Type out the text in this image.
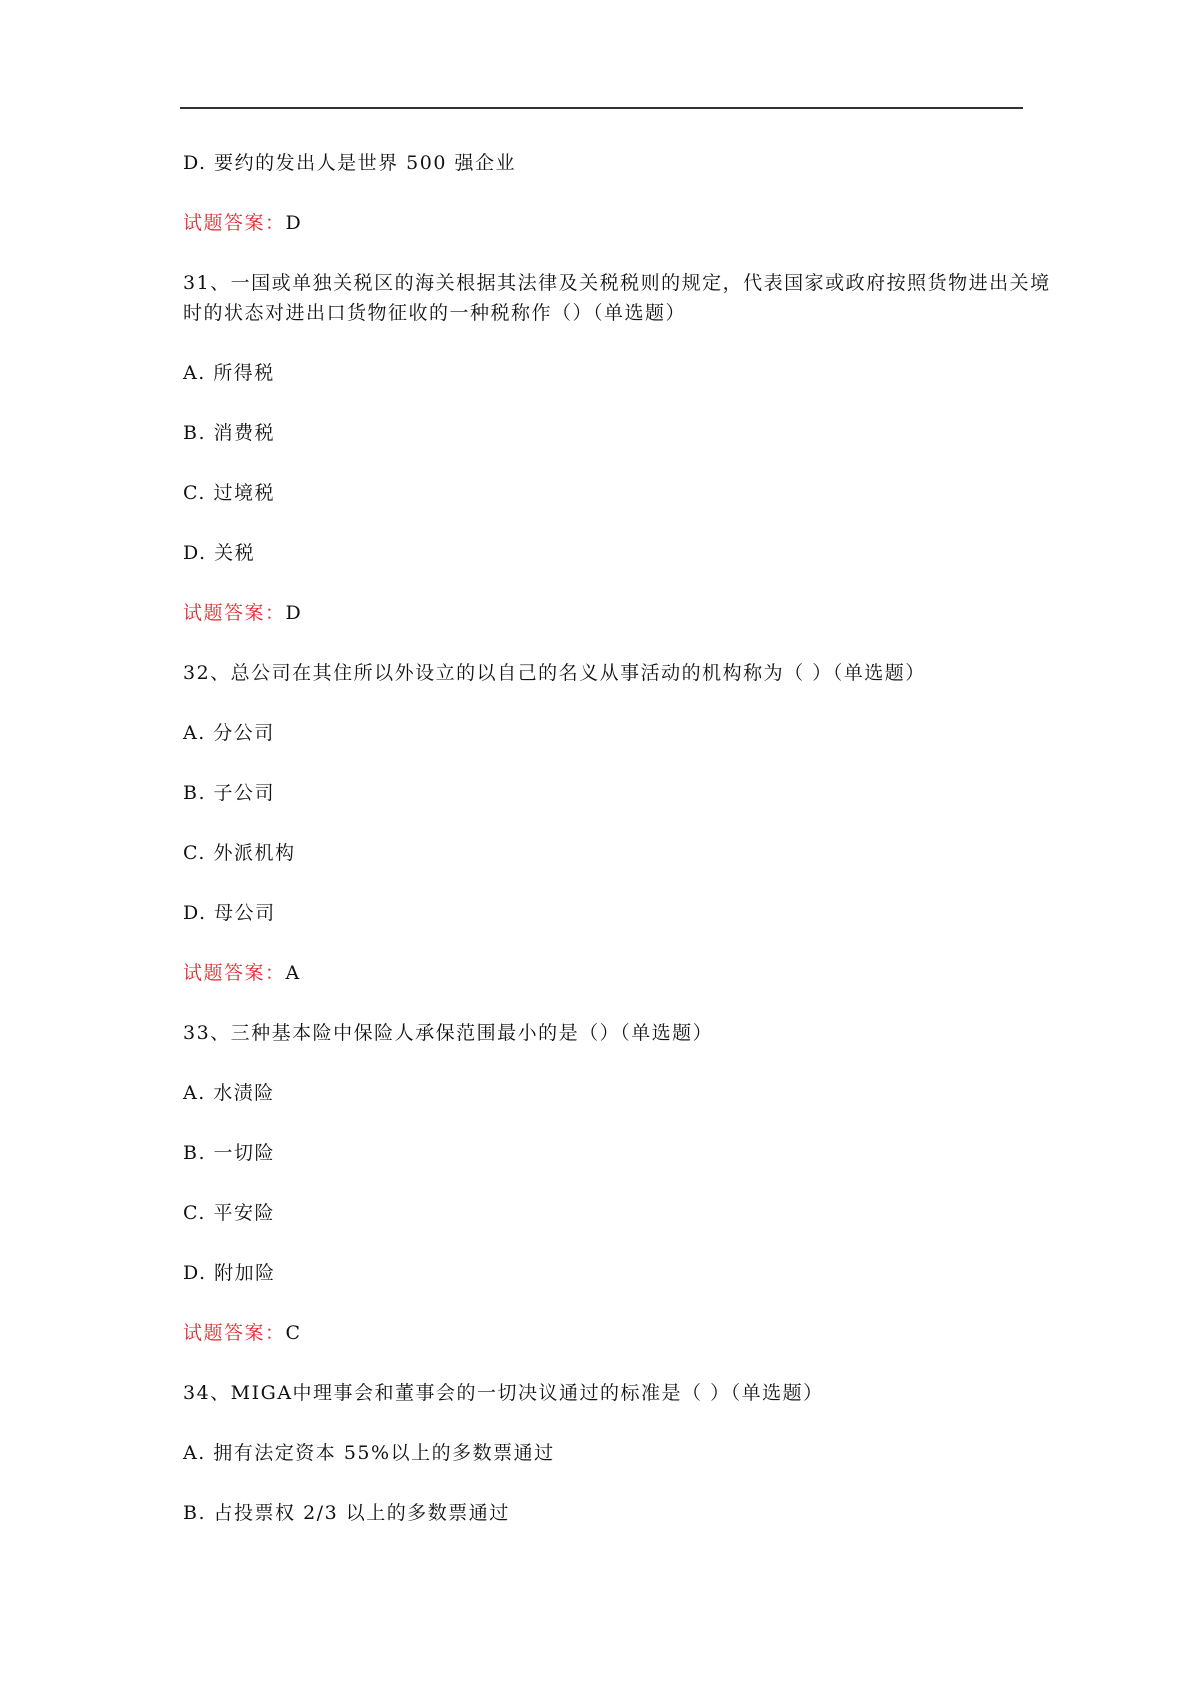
D. 要约的发出人是世界 500 强企业
试题答案：D
31、一国或单独关税区的海关根据其法律及关税税则的规定，代表国家或政府按照货物进出关境
时的状态对进出口货物征收的一种税称作（）（单选题）
A. 所得税
B. 消费税
C. 过境税
D. 关税
试题答案：D
32、总公司在其住所以外设立的以自己的名义从事活动的机构称为（ ）（单选题）
A. 分公司
B. 子公司
C. 外派机构
D. 母公司
试题答案：A
33、三种基本险中保险人承保范围最小的是（）（单选题）
A. 水渍险
B. 一切险
C. 平安险
D. 附加险
试题答案：C
34、MIGA中理事会和董事会的一切决议通过的标准是（ ）（单选题）
A. 拥有法定资本 55%以上的多数票通过
B. 占投票权 2/3 以上的多数票通过
